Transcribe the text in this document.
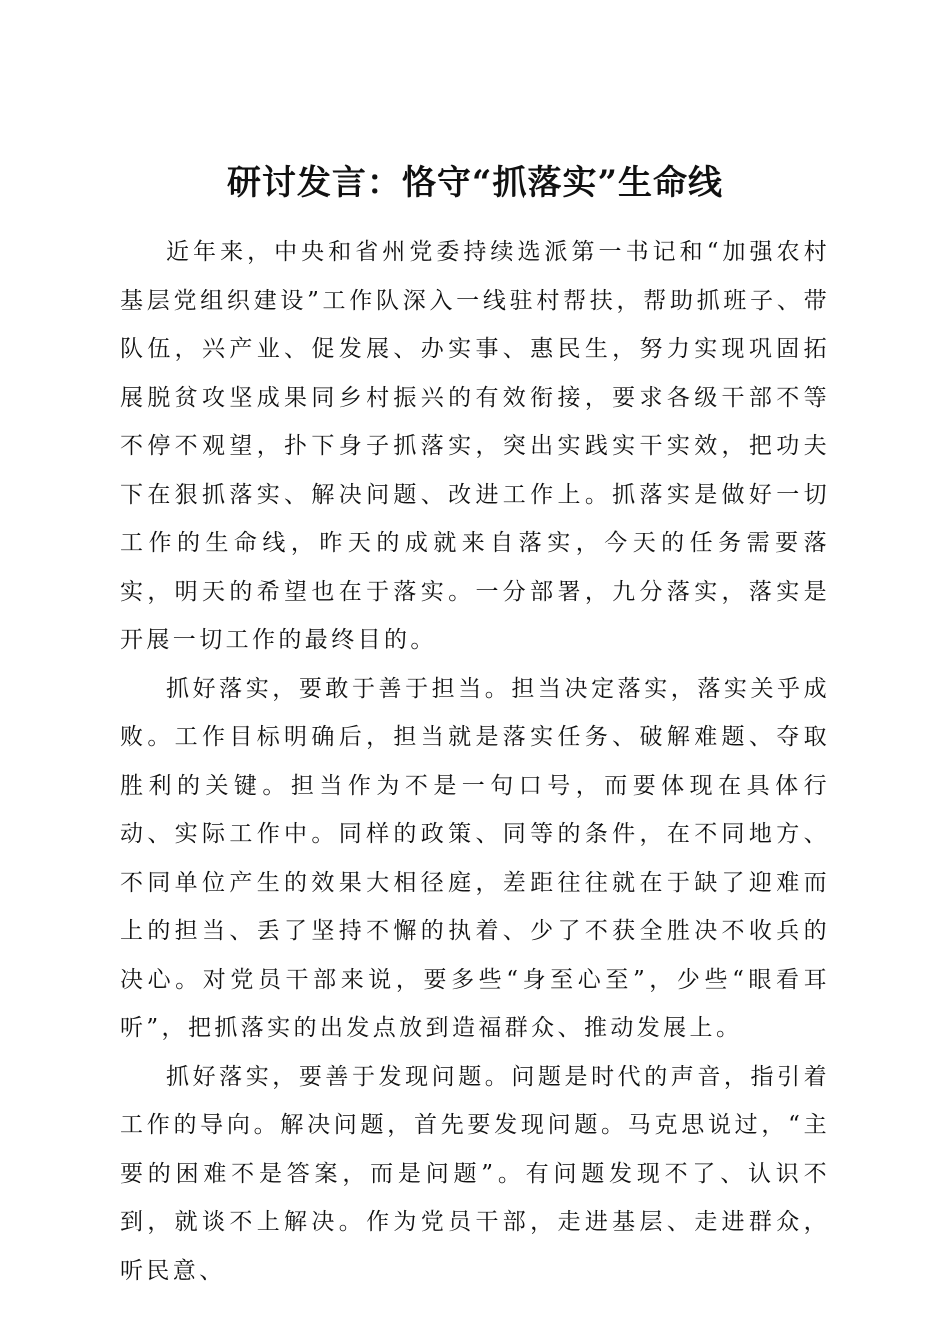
研讨发言：恪守“抓落实”生命线

近年来，中央和省州党委持续选派第一书记和“加强农村基层党组织建设”工作队深入一线驻村帮扶，帮助抓班子、带队伍，兴产业、促发展、办实事、惠民生，努力实现巩固拓展脱贫攻坚成果同乡村振兴的有效衔接，要求各级干部不等不停不观望，扑下身子抓落实，突出实践实干实效，把功夫下在狠抓落实、解决问题、改进工作上。抓落实是做好一切工作的生命线，昨天的成就来自落实，今天的任务需要落实，明天的希望也在于落实。一分部署，九分落实，落实是开展一切工作的最终目的。

抓好落实，要敢于善于担当。担当决定落实，落实关乎成败。工作目标明确后，担当就是落实任务、破解难题、夺取胜利的关键。担当作为不是一句口号，而要体现在具体行动、实际工作中。同样的政策、同等的条件，在不同地方、不同单位产生的效果大相径庭，差距往往就在于缺了迎难而上的担当、丢了坚持不懈的执着、少了不获全胜决不收兵的决心。对党员干部来说，要多些“身至心至”，少些“眼看耳听”，把抓落实的出发点放到造福群众、推动发展上。

抓好落实，要善于发现问题。问题是时代的声音，指引着工作的导向。解决问题，首先要发现问题。马克思说过，“主要的困难不是答案，而是问题”。有问题发现不了、认识不到，就谈不上解决。作为党员干部，走进基层、走进群众，听民意、
